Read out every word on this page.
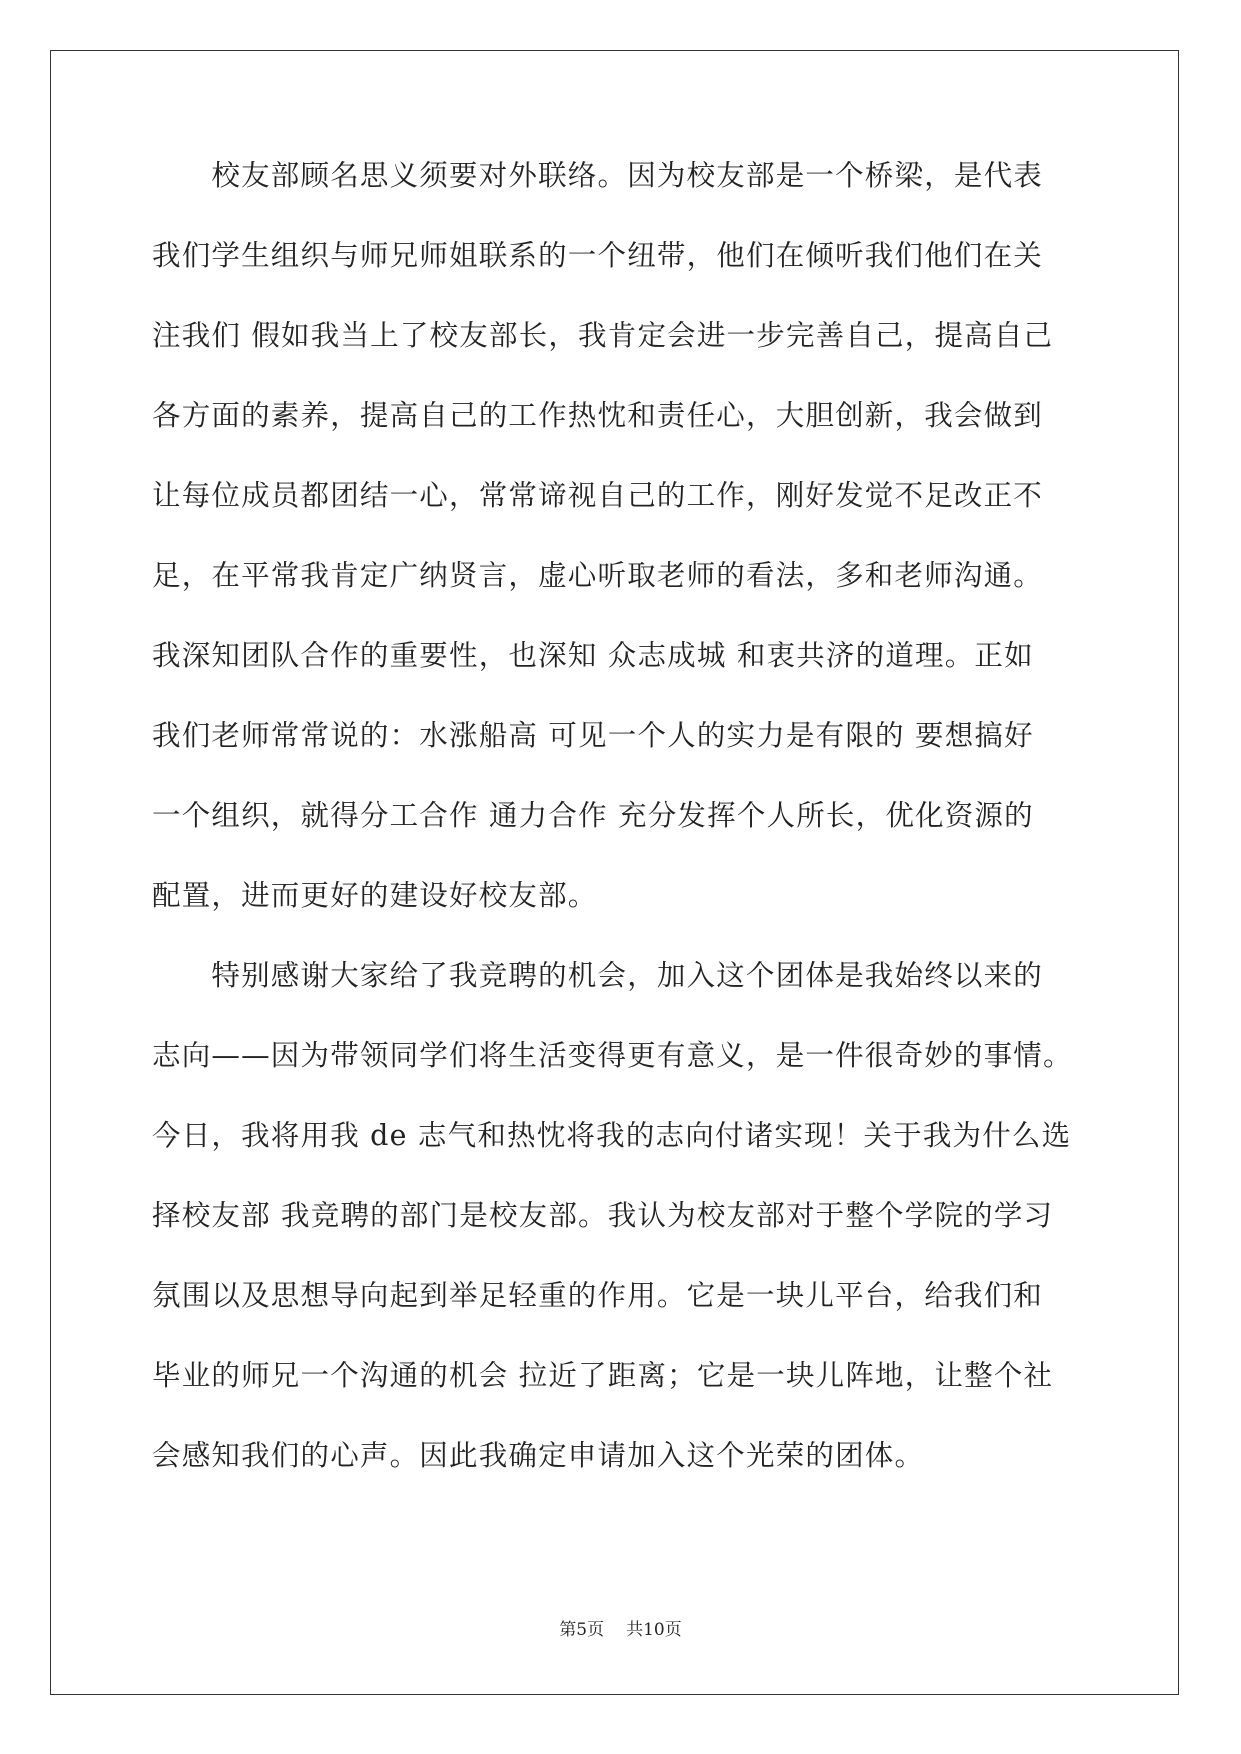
　　校友部顾名思义须要对外联络。因为校友部是一个桥梁，是代表
我们学生组织与师兄师姐联系的一个纽带，他们在倾听我们他们在关
注我们 假如我当上了校友部长，我肯定会进一步完善自己，提高自己
各方面的素养，提高自己的工作热忱和责任心，大胆创新，我会做到
让每位成员都团结一心，常常谛视自己的工作，刚好发觉不足改正不
足，在平常我肯定广纳贤言，虚心听取老师的看法，多和老师沟通。
我深知团队合作的重要性，也深知 众志成城 和衷共济的道理。正如
我们老师常常说的：水涨船高 可见一个人的实力是有限的 要想搞好
一个组织，就得分工合作 通力合作 充分发挥个人所长，优化资源的
配置，进而更好的建设好校友部。
　　特别感谢大家给了我竞聘的机会，加入这个团体是我始终以来的
志向——因为带领同学们将生活变得更有意义，是一件很奇妙的事情。
今日，我将用我 de 志气和热忱将我的志向付诸实现！关于我为什么选
择校友部 我竞聘的部门是校友部。我认为校友部对于整个学院的学习
氛围以及思想导向起到举足轻重的作用。它是一块儿平台，给我们和
毕业的师兄一个沟通的机会 拉近了距离；它是一块儿阵地，让整个社
会感知我们的心声。因此我确定申请加入这个光荣的团体。
第5页 共10页
